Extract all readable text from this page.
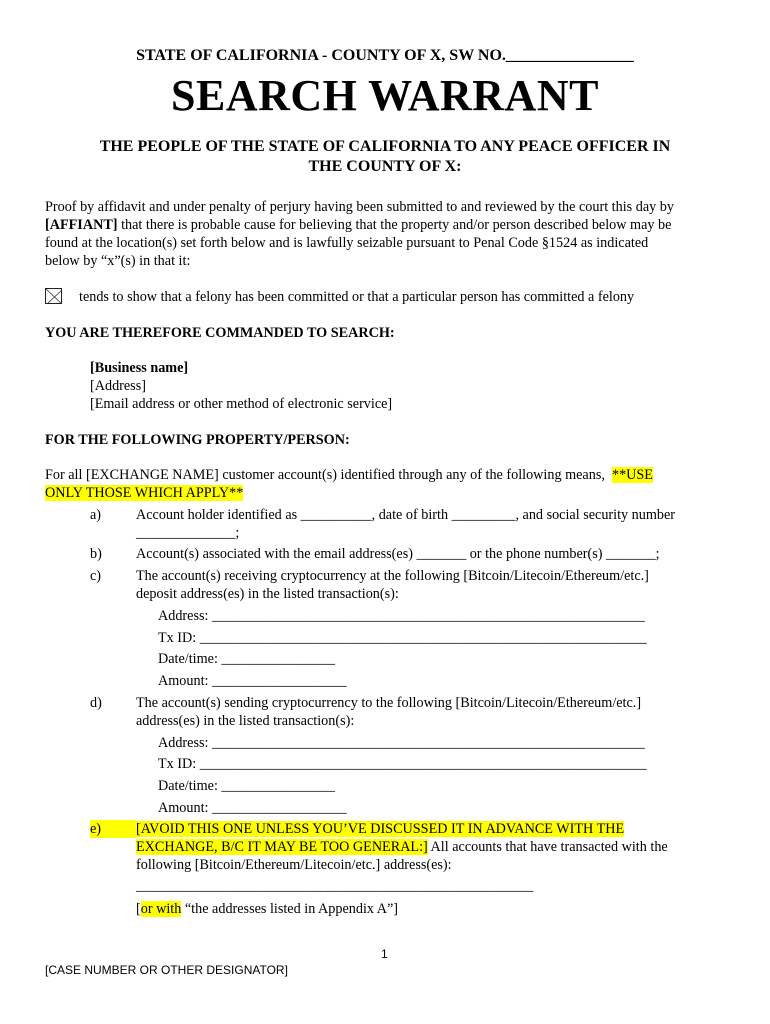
STATE OF CALIFORNIA - COUNTY OF X, SW NO.________________
SEARCH WARRANT
THE PEOPLE OF THE STATE OF CALIFORNIA TO ANY PEACE OFFICER IN
THE COUNTY OF X:
Proof by affidavit and under penalty of perjury having been submitted to and reviewed by the court this day by
[AFFIANT] that there is probable cause for believing that the property and/or person described below may be
found at the location(s) set forth below and is lawfully seizable pursuant to Penal Code §1524 as indicated
below by “x”(s) in that it:
tends to show that a felony has been committed or that a particular person has committed a felony
YOU ARE THEREFORE COMMANDED TO SEARCH:
[Business name]
[Address]
[Email address or other method of electronic service]
FOR THE FOLLOWING PROPERTY/PERSON:
For all [EXCHANGE NAME] customer account(s) identified through any of the following means, **USE
ONLY THOSE WHICH APPLY**
a) Account holder identified as __________, date of birth _________, and social security number
______________;
b) Account(s) associated with the email address(es) _______ or the phone number(s) _______;
c) The account(s) receiving cryptocurrency at the following [Bitcoin/Litecoin/Ethereum/etc.]
deposit address(es) in the listed transaction(s):
Address: _____________________________________________________________
Tx ID: _______________________________________________________________
Date/time: ________________
Amount: ___________________
d) The account(s) sending cryptocurrency to the following [Bitcoin/Litecoin/Ethereum/etc.]
address(es) in the listed transaction(s):
Address: _____________________________________________________________
Tx ID: _______________________________________________________________
Date/time: ________________
Amount: ___________________
e) [AVOID THIS ONE UNLESS YOU’VE DISCUSSED IT IN ADVANCE WITH THE
EXCHANGE, B/C IT MAY BE TOO GENERAL:] All accounts that have transacted with the
following [Bitcoin/Ethereum/Litecoin/etc.] address(es):
________________________________________________________
[or with “the addresses listed in Appendix A”]
1
[CASE NUMBER OR OTHER DESIGNATOR]
